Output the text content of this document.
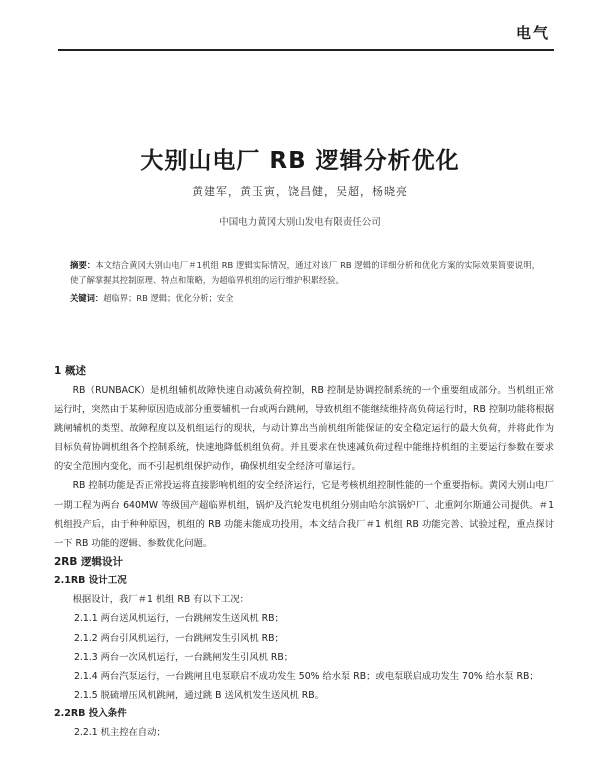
电气
大别山电厂 RB 逻辑分析优化
黄建军，黄玉寅，饶昌健，吴超，杨晓亮
中国电力黄冈大别山发电有限责任公司
摘要：本文结合黄冈大别山电厂＃1机组 RB 逻辑实际情况，通过对该厂 RB 逻辑的详细分析和优化方案的实际效果简要说明，使了解掌握其控制原理、特点和策略，为超临界机组的运行维护积累经验。
关键词：超临界；RB 逻辑；优化分析；安全
1 概述

RB（RUNBACK）是机组辅机故障快速自动减负荷控制，RB 控制是协调控制系统的一个重要组成部分。当机组正常运行时，突然由于某种原因造成部分重要辅机一台或两台跳闸，导致机组不能继续维持高负荷运行时，RB 控制功能将根据跳闸辅机的类型、故障程度以及机组运行的现状，与动计算出当前机组所能保证的安全稳定运行的最大负荷，并将此作为目标负荷协调机组各个控制系统，快速地降低机组负荷。并且要求在快速减负荷过程中能维持机组的主要运行参数在要求的安全范围内变化，而不引起机组保护动作，确保机组安全经济可靠运行。

RB 控制功能是否正常投运将直接影响机组的安全经济运行，它是考核机组控制性能的一个重要指标。黄冈大别山电厂一期工程为两台 640MW 等级国产超临界机组，锅炉及汽轮发电机组分别由哈尔滨锅炉厂、北重阿尔斯通公司提供。＃1 机组投产后，由于种种原因，机组的 RB 功能未能成功投用，本文结合我厂＃1 机组 RB 功能完善、试验过程，重点探讨一下 RB 功能的逻辑、参数优化问题。

2RB 逻辑设计
2.1RB 设计工况

根据设计，我厂＃1 机组 RB 有以下工况：

2.1.1 两台送风机运行，一台跳闸发生送风机 RB；

2.1.2 两台引风机运行，一台跳闸发生引风机 RB；

2.1.3 两台一次风机运行，一台跳闸发生引风机 RB；

2.1.4 两台汽泵运行，一台跳闸且电泵联启不成功发生 50% 给水泵 RB；或电泵联启成功发生 70% 给水泵 RB；

2.1.5 脱硫增压风机跳闸，通过跳 B 送风机发生送风机 RB。

2.2RB 投入条件

2.2.1 机主控在自动；
